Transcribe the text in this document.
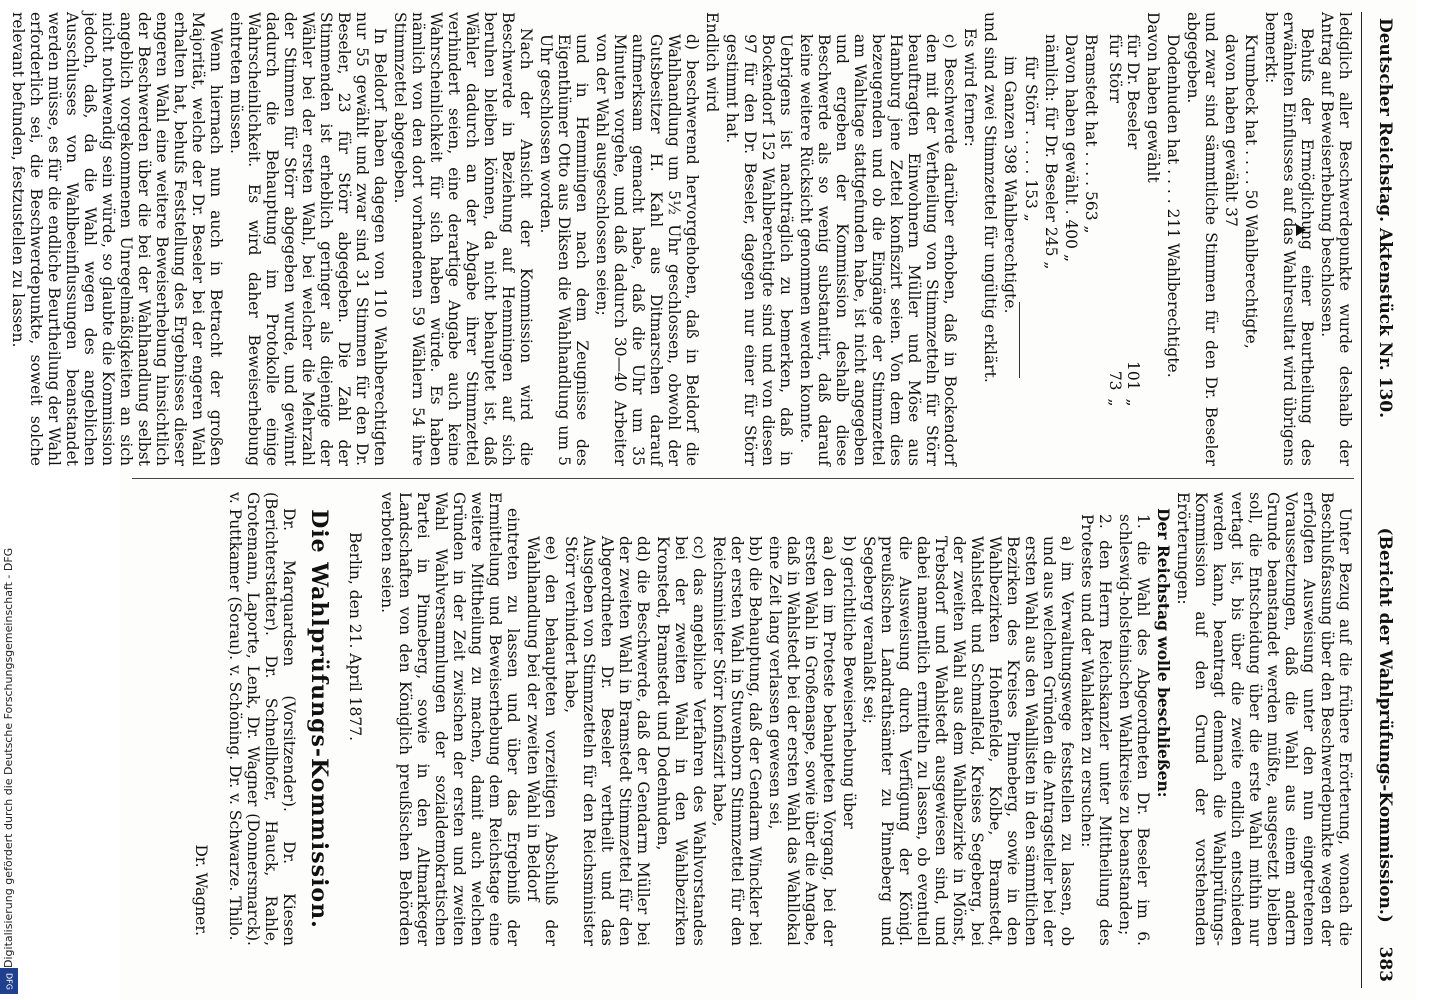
Digitalisierung gefördert durch die Deutsche Forschungsgemeinschaft - DFG
DFG
Deutscher Reichstag. Aktenstück Nr. 130.
(Bericht der Wahlprüfungs-Kommission.)    383

lediglich aller Beschwerdepunkte wurde deshalb der Antrag auf Beweiserhebung beschlossen.

Behufs der Ermöglichung einer Beurtheilung des erwähnten Einflusses auf das Wahlresultat wird übrigens bemerkt:

Krumbeck hat . . . . 50 Wahlberechtigte,

davon haben gewählt 37

und zwar sind sämmtliche Stimmen für den Dr. Beseler abgegeben.

Dodenhuden hat . . . . 211 Wahlberechtigte.

Davon haben gewählt

für Dr. Beseler
101
„
für Störr
73
„

Bramstedt hat . . . . 563 „

Davon haben gewählt . 400 „

nämlich: für Dr. Beseler 245 „

für Störr . . . . . 153 „

im Ganzen 398 Wahlberechtigte.

und sind zwei Stimmzettel für ungültig erklärt.

Es wird ferner:

c) Beschwerde darüber erhoben, daß in Bockendorf den mit der Vertheilung von Stimmzetteln für Störr beauftragten Einwohnern Müller und Möse aus Hamburg jene Zettel konfiszirt seien. Von dem dies bezeugenden und ob die Eingänge der Stimmzettel am Wahltage stattgefunden habe, ist nicht angegeben und ergeben der Kommission deshalb diese Beschwerde als so wenig substantiirt, daß darauf keine weitere Rücksicht genommen werden konnte.

Uebrigens ist nachträglich zu bemerken, daß in Bockendorf 152 Wahlberechtigte sind und von diesen 97 für den Dr. Beseler, dagegen nur einer für Störr gestimmt hat.

Endlich wird

d) beschwerend hervorgehoben, daß in Beldorf die Wahlhandlung um 5½ Uhr geschlossen, obwohl der Gutsbesitzer H. Kahl aus Ditmarschen darauf aufmerksam gemacht habe, daß die Uhr um 35 Minuten vorgehe, und daß dadurch 30—40 Arbeiter von der Wahl ausgeschlossen seien;

und in Hemmingen nach dem Zeugnisse des Eigenthümer Otto aus Diksen die Wahlhandlung um 5 Uhr geschlossen worden.

Nach der Ansicht der Kommission wird die Beschwerde in Beziehung auf Hemmingen auf sich beruhen bleiben können, da nicht behauptet ist, daß Wähler dadurch an der Abgabe ihrer Stimmzettel verhindert seien, eine derartige Angabe auch keine Wahrscheinlichkeit für sich haben würde. Es haben nämlich von den dort vorhandenen 59 Wählern 54 ihre Stimmzettel abgegeben.

In Beldorf haben dagegen von 110 Wahlberechtigten nur 55 gewählt und zwar sind 31 Stimmen für den Dr. Beseler, 23 für Störr abgegeben. Die Zahl der Stimmenden ist erheblich geringer als diejenige der Wähler bei der ersten Wahl, bei welcher die Mehrzahl der Stimmen für Störr abgegeben wurde, und gewinnt dadurch die Behauptung im Protokolle einige Wahrscheinlichkeit. Es wird daher Beweiserhebung eintreten müssen.

Wenn hiernach nun auch in Betracht der großen Majorität, welche der Dr. Beseler bei der engeren Wahl erhalten hat, behufs Feststellung des Ergebnisses dieser engeren Wahl eine weitere Beweiserhebung hinsichtlich der Beschwerden über die bei der Wahlhandlung selbst angeblich vorgekommenen Unregelmäßigkeiten an sich nicht nothwendig sein würde, so glaubte die Kommission jedoch, daß, da die Wahl wegen des angeblichen Ausschlusses von Wahlbeeinflussungen beanstandet werden müsse, es für die endliche Beurtheilung der Wahl erforderlich sei, die Beschwerdepunkte, soweit solche relevant befunden, festzustellen zu lassen.

Unter Bezug auf die frühere Erörterung, wonach die Beschlußfassung über den Beschwerdepunkte wegen der erfolgten Ausweisung unter den nun eingetretenen Voraussetzungen, daß die Wahl aus einem andern Grunde beanstandet werden müßte, ausgesetzt bleiben soll, die Entscheidung über die erste Wahl mithin nur vertagt ist, bis über die zweite endlich entschieden werden kann, beantragt demnach die Wahlprüfungs-Kommission auf den Grund der vorstehenden Erörterungen:

Der Reichstag wolle beschließen:

1. die Wahl des Abgeordneten Dr. Beseler im 6. schleswig-holsteinischen Wahlkreise zu beanstanden;

2. den Herrn Reichskanzler unter Mittheilung des Protestes und der Wahlakten zu ersuchen:

a) im Verwaltungswege feststellen zu lassen, ob und aus welchen Gründen die Antragsteller bei der ersten Wahl aus den Wahllisten in den sämmtlichen Bezirken des Kreises Pinneberg, sowie in den Wahlbezirken Hohenfelde, Kolbe, Bramstedt, Wahlstedt und Schmalfeld, Kreises Segeberg, bei der zweiten Wahl aus dem Wahlbezirke in Mönst, Trebsdorf und Wahlstedt ausgewiesen sind, und dabei namentlich ermitteln zu lassen, ob eventuell die Ausweisung durch Verfügung der Königl. preußischen Landrathsämter zu Pinneberg und Segeberg veranlaßt sei;

b) gerichtliche Beweiserhebung über

aa) den im Proteste behaupteten Vorgang, bei der ersten Wahl in Großenaspe, sowie über die Angabe, daß in Wahlstedt bei der ersten Wahl das Wahllokal eine Zeit lang verlassen gewesen sei,

bb) die Behauptung, daß der Gendarm Winckler bei der ersten Wahl in Stuvenborn Stimmzettel für den Reichsminister Störr konfiszirt habe,

cc) das angebliche Verfahren des Wahlvorstandes bei der zweiten Wahl in den Wahlbezirken Kronstedt, Bramstedt und Dodenhuden,

dd) die Beschwerde, daß der Gendarm Müller bei der zweiten Wahl in Bramstedt Stimmzettel für den Abgeordneten Dr. Beseler vertheilt und das Ausgeben von Stimmzetteln für den Reichsminister Störr verhindert habe,

ee) den behaupteten vorzeitigen Abschluß der Wahlhandlung bei der zweiten Wahl in Beldorf

eintreten zu lassen und über das Ergebniß der Ermittelung und Beweiserhebung dem Reichstage eine weitere Mittheilung zu machen, damit auch welchen Gründen in der Zeit zwischen der ersten und zweiten Wahl Wahlversammlungen der sozialdemokratischen Partei in Pinneberg, sowie in den Altmarkeger Landschaften von den Königlich preußischen Behörden verboten seien.

Berlin, den 21. April 1877.

Die Wahlprüfungs-Kommission.

Dr. Marquardsen (Vorsitzender). Dr. Kiesen (Berichterstatter). Dr. Schnellhofer, Hauck, Rahle, Grotemann, Laporte, Lenk, Dr. Wagner (Donnersmarck). v. Puttkamer (Sorau). v. Schöning. Dr. v. Schwarze. Thilo.

Dr. Wagner.
